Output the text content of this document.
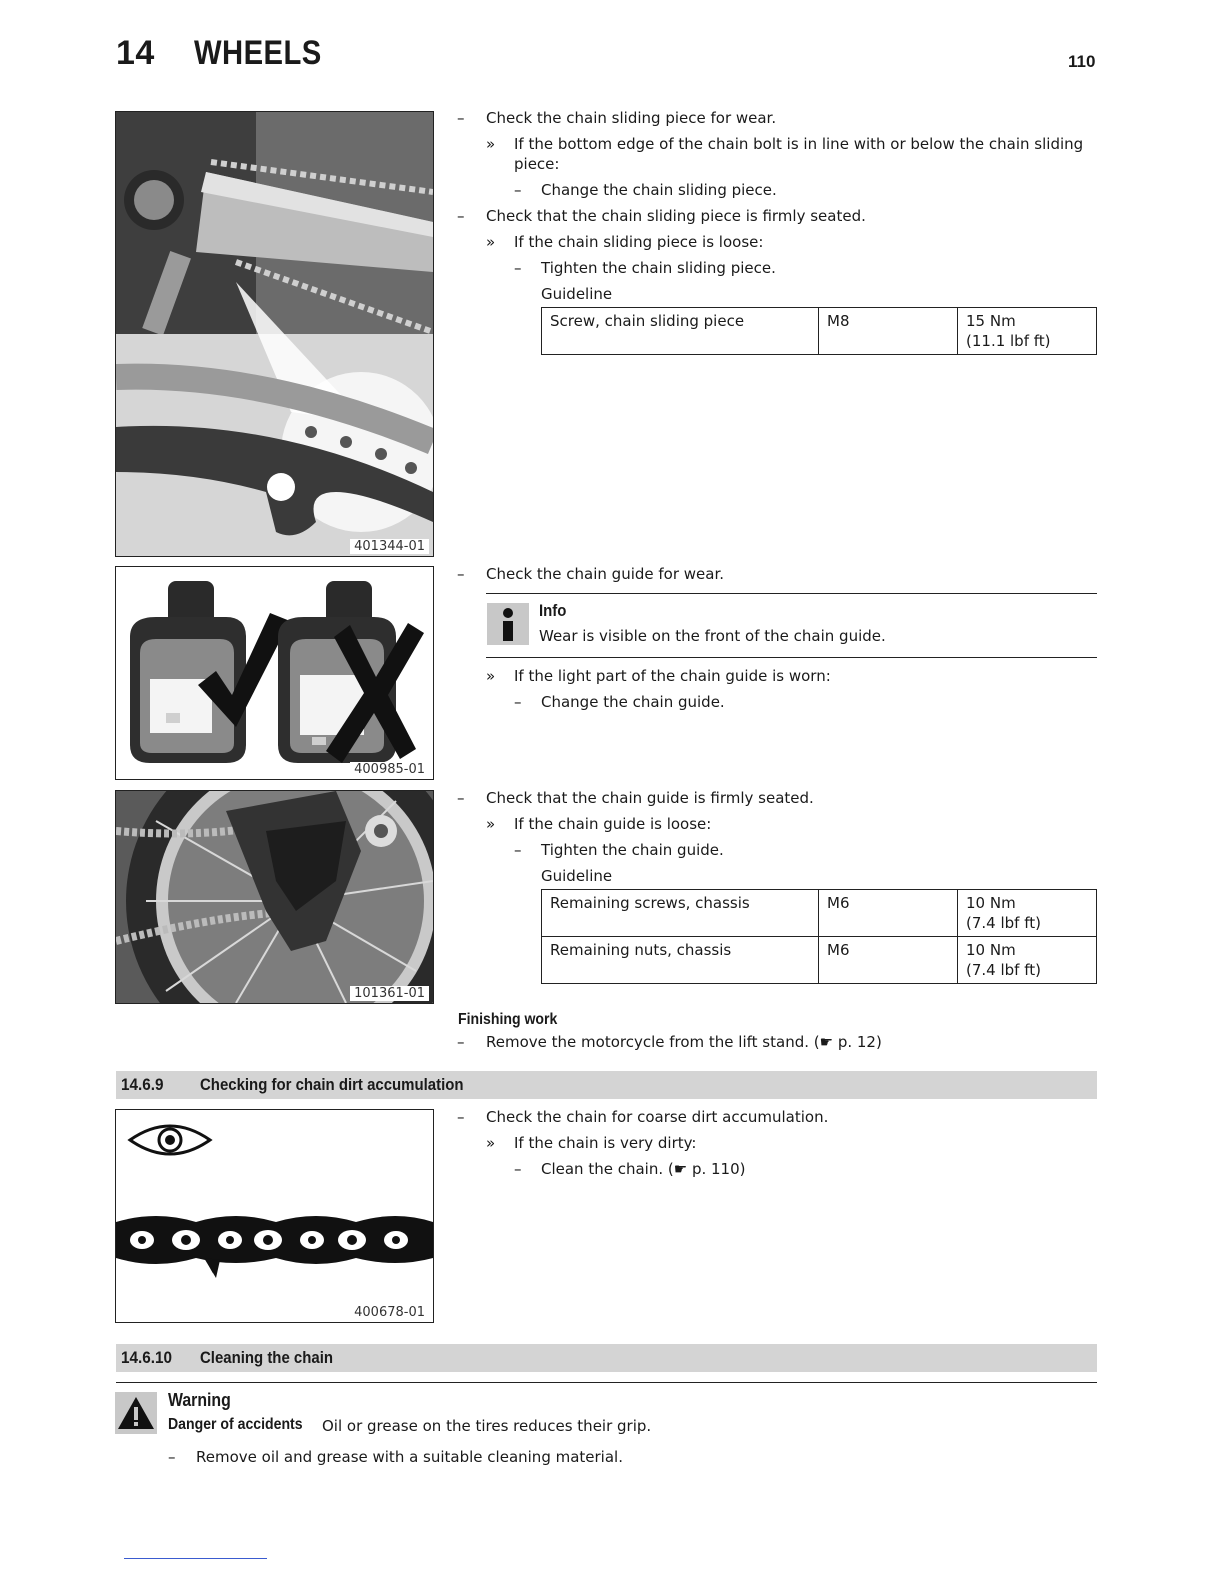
14 WHEELS	110
401344-01
– Check the chain sliding piece for wear.
» If the bottom edge of the chain bolt is in line with or below the chain sliding
piece:
– Change the chain sliding piece.
– Check that the chain sliding piece is firmly seated.
» If the chain sliding piece is loose:
– Tighten the chain sliding piece.
Guideline
Screw, chain sliding piece	M8	15 Nm
(11.1 lbf ft)
400985-01
– Check the chain guide for wear.
Info
Wear is visible on the front of the chain guide.
» If the light part of the chain guide is worn:
– Change the chain guide.
101361-01
– Check that the chain guide is firmly seated.
» If the chain guide is loose:
– Tighten the chain guide.
Guideline
Remaining screws, chassis	M6	10 Nm
(7.4 lbf ft)
Remaining nuts, chassis	M6	10 Nm
(7.4 lbf ft)
Finishing work
– Remove the motorcycle from the lift stand. (☛ p. 12)
14.6.9 Checking for chain dirt accumulation
400678-01
– Check the chain for coarse dirt accumulation.
» If the chain is very dirty:
– Clean the chain. (☛ p. 110)
14.6.10 Cleaning the chain
Warning
Danger of accidents Oil or grease on the tires reduces their grip.
– Remove oil and grease with a suitable cleaning material.
